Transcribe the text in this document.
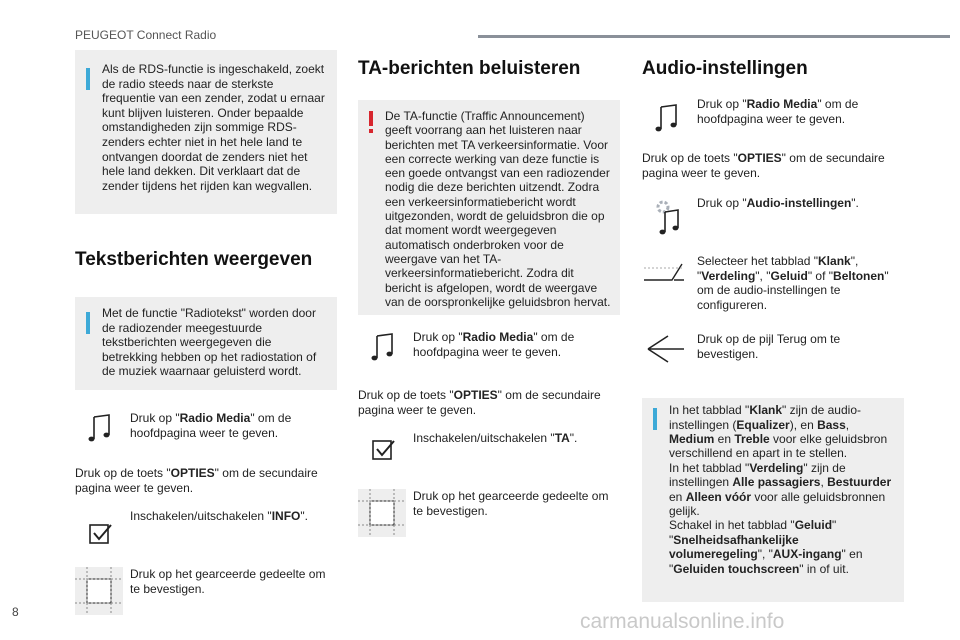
PEUGEOT Connect Radio
8	carmanualsonline.info
Als de RDS-functie is ingeschakeld, zoekt de radio steeds naar de sterkste frequentie van een zender, zodat u ernaar kunt blijven luisteren. Onder bepaalde omstandigheden zijn sommige RDS-zenders echter niet in het hele land te ontvangen doordat de zenders niet het hele land dekken. Dit verklaart dat de zender tijdens het rijden kan wegvallen.
Tekstberichten weergeven
Met de functie "Radiotekst" worden door de radiozender meegestuurde tekstberichten weergegeven die betrekking hebben op het radiostation of de muziek waarnaar geluisterd wordt.
Druk op "Radio Media" om de hoofdpagina weer te geven.

Druk op de toets "OPTIES" om de secundaire pagina weer te geven.

Inschakelen/uitschakelen "INFO".
Druk op het gearceerde gedeelte om te bevestigen.
TA-berichten beluisteren
De TA-functie (Traffic Announcement) geeft voorrang aan het luisteren naar berichten met TA verkeersinformatie. Voor een correcte werking van deze functie is een goede ontvangst van een radiozender nodig die deze berichten uitzendt. Zodra een verkeersinformatiebericht wordt uitgezonden, wordt de geluidsbron die op dat moment wordt weergegeven automatisch onderbroken voor de weergave van het TA-verkeersinformatiebericht. Zodra dit bericht is afgelopen, wordt de weergave van de oorspronkelijke geluidsbron hervat.
Druk op "Radio Media" om de hoofdpagina weer te geven.

Druk op de toets "OPTIES" om de secundaire pagina weer te geven.

Inschakelen/uitschakelen "TA".
Druk op het gearceerde gedeelte om te bevestigen.
Audio-instellingen
Druk op "Radio Media" om de hoofdpagina weer te geven.

Druk op de toets "OPTIES" om de secundaire pagina weer te geven.

Druk op "Audio-instellingen".
Selecteer het tabblad "Klank", "Verdeling", "Geluid" of "Beltonen" om de audio-instellingen te configureren.
Druk op de pijl Terug om te bevestigen.
In het tabblad "Klank" zijn de audio-instellingen (Equalizer), en Bass, Medium en Treble voor elke geluidsbron verschillend en apart in te stellen.
In het tabblad "Verdeling" zijn de instellingen Alle passagiers, Bestuurder en Alleen vóór voor alle geluidsbronnen gelijk.
Schakel in het tabblad "Geluid" "Snelheidsafhankelijke volumeregeling", "AUX-ingang" en "Geluiden touchscreen" in of uit.
